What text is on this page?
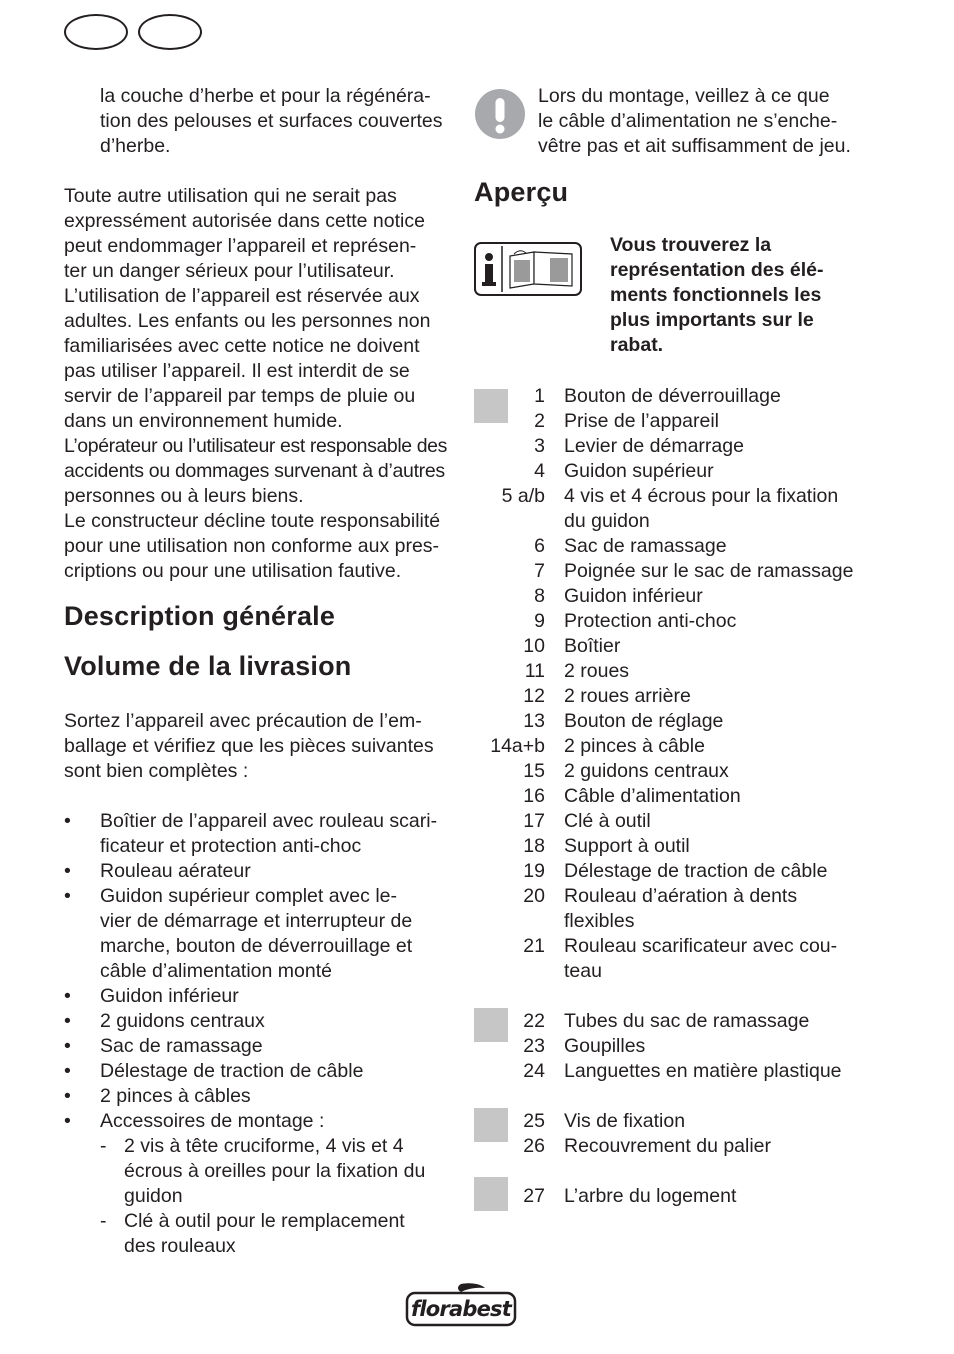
la couche d’herbe et pour la régénéra-
tion des pelouses et surfaces couvertes
d’herbe.
Toute autre utilisation qui ne serait pas
expressément autorisée dans cette notice
peut endommager l’appareil et représen-
ter un danger sérieux pour l’utilisateur.
L’utilisation de l’appareil est réservée aux
adultes. Les enfants ou les personnes non
familiarisées avec cette notice ne doivent
pas utiliser l’appareil. Il est interdit de se
servir de l’appareil par temps de pluie ou
dans un environnement humide.
L’opérateur ou l’utilisateur est responsable des
accidents ou dommages survenant à d’autres
personnes ou à leurs biens.
Le constructeur décline toute responsabilité
pour une utilisation non conforme aux pres-
criptions ou pour une utilisation fautive.
Description générale
Volume de la livrasion
Sortez l’appareil avec précaution de l’em-
ballage et vérifiez que les pièces suivantes
sont bien complètes :
• Boîtier de l’appareil avec rouleau scari-
ficateur et protection anti-choc
• Rouleau aérateur
• Guidon supérieur complet avec le-
vier de démarrage et interrupteur de
marche, bouton de déverrouillage et
câble d’alimentation monté
• Guidon inférieur
• 2 guidons centraux
• Sac de ramassage
• Délestage de traction de câble
• 2 pinces à câbles
• Accessoires de montage :
- 2 vis à tête cruciforme, 4 vis et 4
écrous à oreilles pour la fixation du
guidon
- Clé à outil pour le remplacement
des rouleaux
Lors du montage, veillez à ce que
le câble d’alimentation ne s’enche-
vêtre pas et ait suffisamment de jeu.
Aperçu
Vous trouverez la
représentation des élé-
ments fonctionnels les
plus importants sur le
rabat.
1 Bouton de déverrouillage
2 Prise de l’appareil
3 Levier de démarrage
4 Guidon supérieur
5 a/b 4 vis et 4 écrous pour la fixation
du guidon
6 Sac de ramassage
7 Poignée sur le sac de ramassage
8 Guidon inférieur
9 Protection anti-choc
10 Boîtier
11 2 roues
12 2 roues arrière
13 Bouton de réglage
14a+b 2 pinces à câble
15 2 guidons centraux
16 Câble d’alimentation
17 Clé à outil
18 Support à outil
19 Délestage de traction de câble
20 Rouleau d’aération à dents
flexibles
21 Rouleau scarificateur avec cou-
teau
22 Tubes du sac de ramassage
23 Goupilles
24 Languettes en matière plastique
25 Vis de fixation
26 Recouvrement du palier
27 L’arbre du logement
florabest
